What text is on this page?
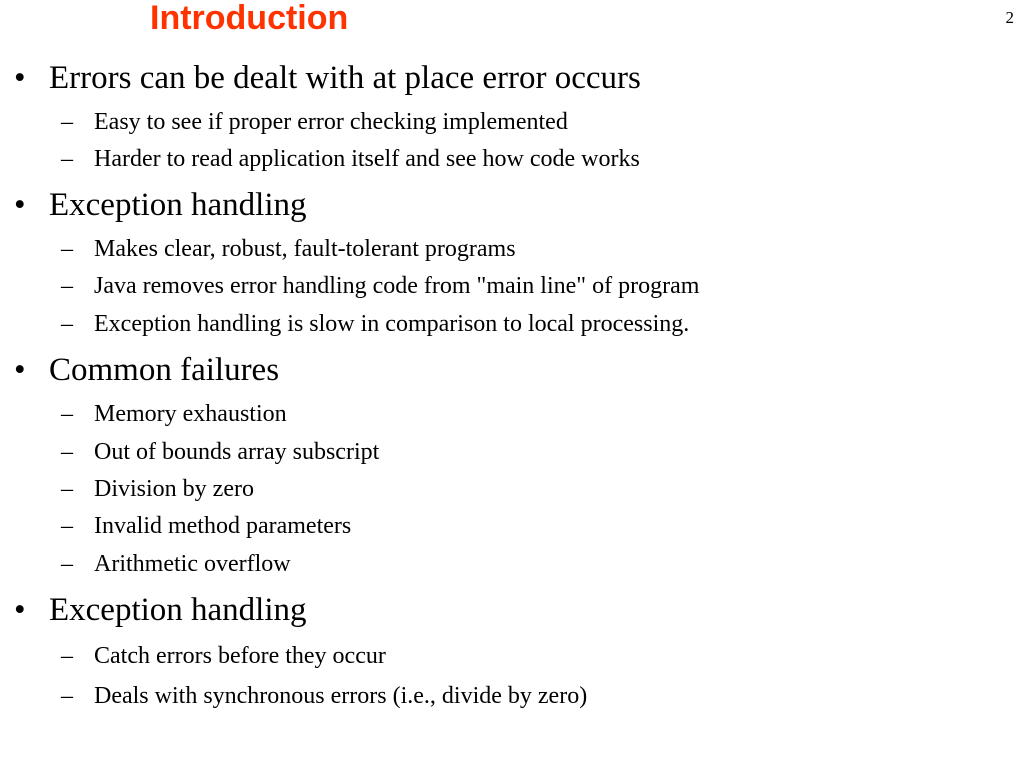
Introduction	2
• Errors can be dealt with at place error occurs
– Easy to see if proper error checking implemented
– Harder to read application itself and see how code works
• Exception handling
– Makes clear, robust, fault-tolerant programs
– Java removes error handling code from "main line" of program
– Exception handling is slow in comparison to local processing.
• Common failures
– Memory exhaustion
– Out of bounds array subscript
– Division by zero
– Invalid method parameters
– Arithmetic overflow
• Exception handling
– Catch errors before they occur
– Deals with synchronous errors (i.e., divide by zero)
